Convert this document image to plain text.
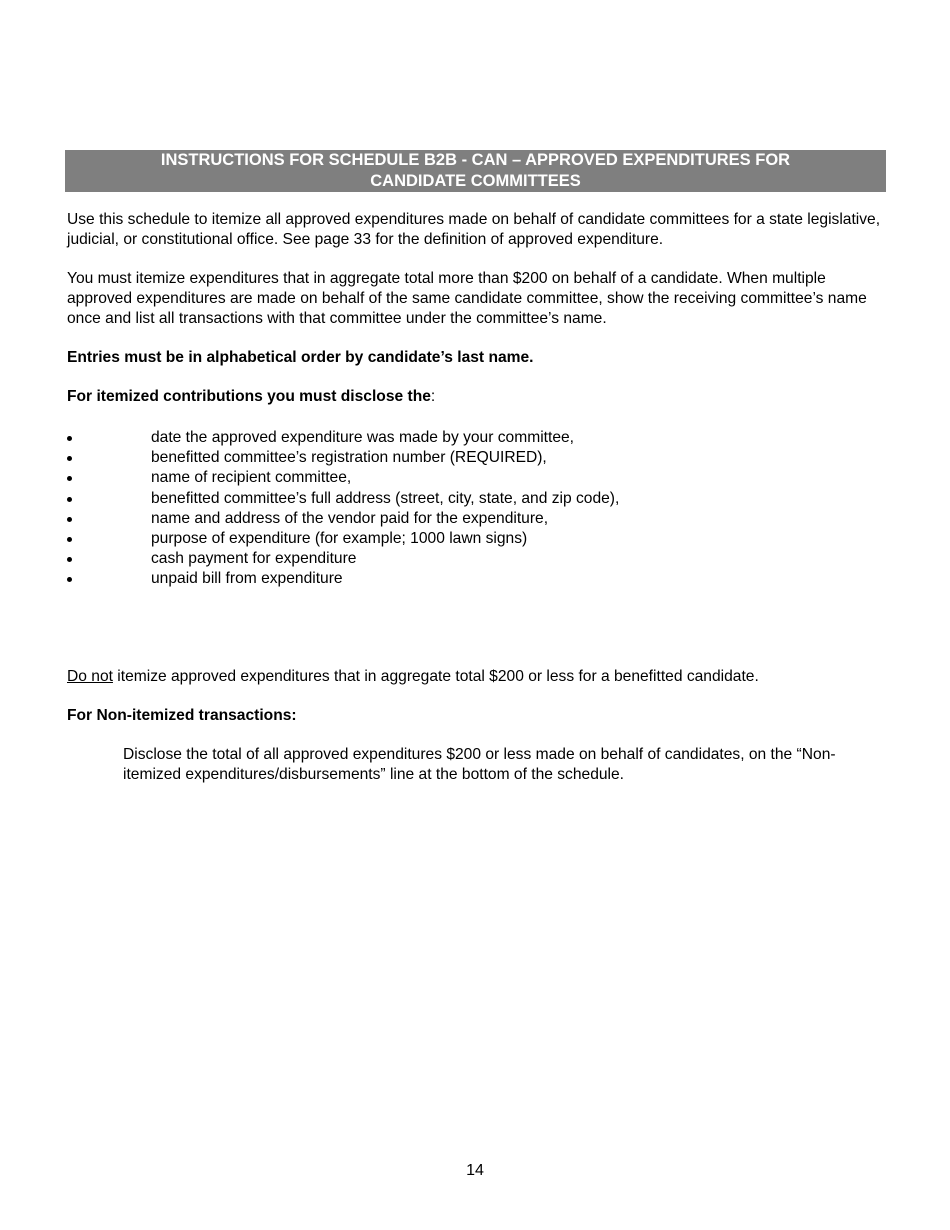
INSTRUCTIONS FOR SCHEDULE B2B - CAN – APPROVED EXPENDITURES FOR
CANDIDATE COMMITTEES

Use this schedule to itemize all approved expenditures made on behalf of candidate committees for a state legislative, judicial, or constitutional office. See page 33 for the definition of approved expenditure.

You must itemize expenditures that in aggregate total more than $200 on behalf of a candidate. When multiple approved expenditures are made on behalf of the same candidate committee, show the receiving committee’s name once and list all transactions with that committee under the committee’s name.

Entries must be in alphabetical order by candidate’s last name.

For itemized contributions you must disclose the:

date the approved expenditure was made by your committee,
benefitted committee’s registration number (REQUIRED),
name of recipient committee,
benefitted committee’s full address (street, city, state, and zip code),
name and address of the vendor paid for the expenditure,
purpose of expenditure (for example; 1000 lawn signs)
cash payment for expenditure
unpaid bill from expenditure

Do not itemize approved expenditures that in aggregate total $200 or less for a benefitted candidate.

For Non-itemized transactions:

Disclose the total of all approved expenditures $200 or less made on behalf of candidates, on the “Non-itemized expenditures/disbursements” line at the bottom of the schedule.

14
